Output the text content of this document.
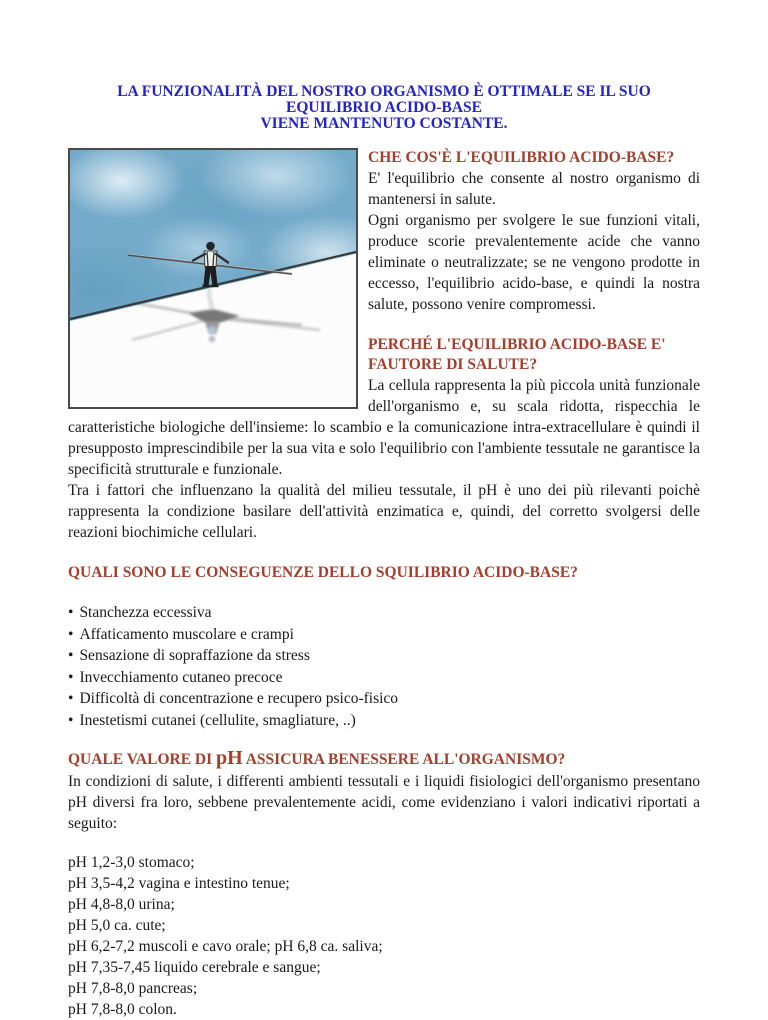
LA FUNZIONALITÀ DEL NOSTRO ORGANISMO È OTTIMALE SE IL SUO
EQUILIBRIO ACIDO-BASE
VIENE MANTENUTO COSTANTE.
CHE COS'È L'EQUILIBRIO ACIDO-BASE?

E' l'equilibrio che consente al nostro organismo di mantenersi in salute.

Ogni organismo per svolgere le sue funzioni vitali, produce scorie prevalentemente acide che vanno eliminate o neutralizzate; se ne vengono prodotte in eccesso, l'equilibrio acido-base, e quindi la nostra salute, possono venire compromessi.

PERCHÉ L'EQUILIBRIO ACIDO-BASE E' FAUTORE DI SALUTE?

La cellula rappresenta la più piccola unità funzionale dell'organismo e, su scala ridotta, rispecchia le caratteristiche biologiche dell'insieme: lo scambio e la comunicazione intra-extracellulare è quindi il presupposto imprescindibile per la sua vita e solo l'equilibrio con l'ambiente tessutale ne garantisce la specificità strutturale e funzionale.

Tra i fattori che influenzano la qualità del milieu tessutale, il pH è uno dei più rilevanti poichè rappresenta la condizione basilare dell'attività enzimatica e, quindi, del corretto svolgersi delle reazioni biochimiche cellulari.

QUALI SONO LE CONSEGUENZE DELLO SQUILIBRIO ACIDO-BASE?
• Stanchezza eccessiva
• Affaticamento muscolare e crampi
• Sensazione di sopraffazione da stress
• Invecchiamento cutaneo precoce
• Difficoltà di concentrazione e recupero psico-fisico
• Inestetismi cutanei (cellulite, smagliature, ..)
QUALE VALORE DI pH ASSICURA BENESSERE ALL'ORGANISMO?

In condizioni di salute, i differenti ambienti tessutali e i liquidi fisiologici dell'organismo presentano pH diversi fra loro, sebbene prevalentemente acidi, come evidenziano i valori indicativi riportati a seguito:

pH 1,2-3,0 stomaco;
pH 3,5-4,2 vagina e intestino tenue;
pH 4,8-8,0 urina;
pH 5,0 ca. cute;
pH 6,2-7,2 muscoli e cavo orale; pH 6,8 ca. saliva;
pH 7,35-7,45 liquido cerebrale e sangue;
pH 7,8-8,0 pancreas;
pH 7,8-8,0 colon.
